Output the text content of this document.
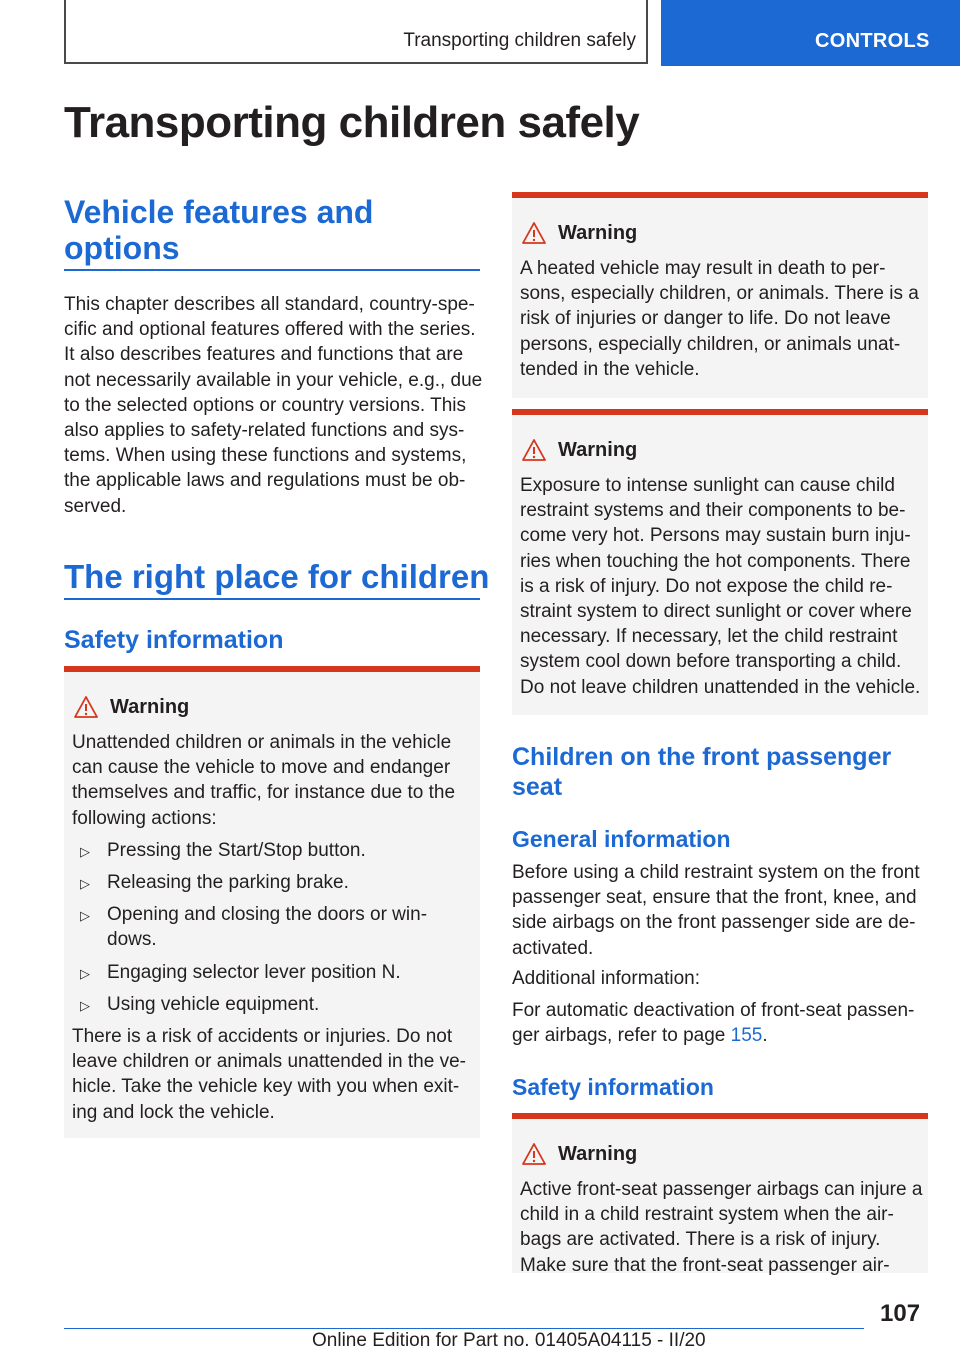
Transporting children safely	CONTROLS
Transporting children safely
Vehicle features and
options
This chapter describes all standard, country-spe-
cific and optional features offered with the series.
It also describes features and functions that are
not necessarily available in your vehicle, e.g., due
to the selected options or country versions. This
also applies to safety-related functions and sys-
tems. When using these functions and systems,
the applicable laws and regulations must be ob-
served.
The right place for children
Safety information
Warning
Unattended children or animals in the vehicle
can cause the vehicle to move and endanger
themselves and traffic, for instance due to the
following actions:
▷ Pressing the Start/Stop button.
▷ Releasing the parking brake.
▷ Opening and closing the doors or win-
dows.
▷ Engaging selector lever position N.
▷ Using vehicle equipment.
There is a risk of accidents or injuries. Do not
leave children or animals unattended in the ve-
hicle. Take the vehicle key with you when exit-
ing and lock the vehicle.
Warning
A heated vehicle may result in death to per-
sons, especially children, or animals. There is a
risk of injuries or danger to life. Do not leave
persons, especially children, or animals unat-
tended in the vehicle.
Warning
Exposure to intense sunlight can cause child
restraint systems and their components to be-
come very hot. Persons may sustain burn inju-
ries when touching the hot components. There
is a risk of injury. Do not expose the child re-
straint system to direct sunlight or cover where
necessary. If necessary, let the child restraint
system cool down before transporting a child.
Do not leave children unattended in the vehicle.
Children on the front passenger
seat
General information
Before using a child restraint system on the front
passenger seat, ensure that the front, knee, and
side airbags on the front passenger side are de-
activated.
Additional information:
For automatic deactivation of front-seat passen-
ger airbags, refer to page 155.
Safety information
Warning
Active front-seat passenger airbags can injure a
child in a child restraint system when the air-
bags are activated. There is a risk of injury.
Make sure that the front-seat passenger air-
107
Online Edition for Part no. 01405A04115 - II/20
